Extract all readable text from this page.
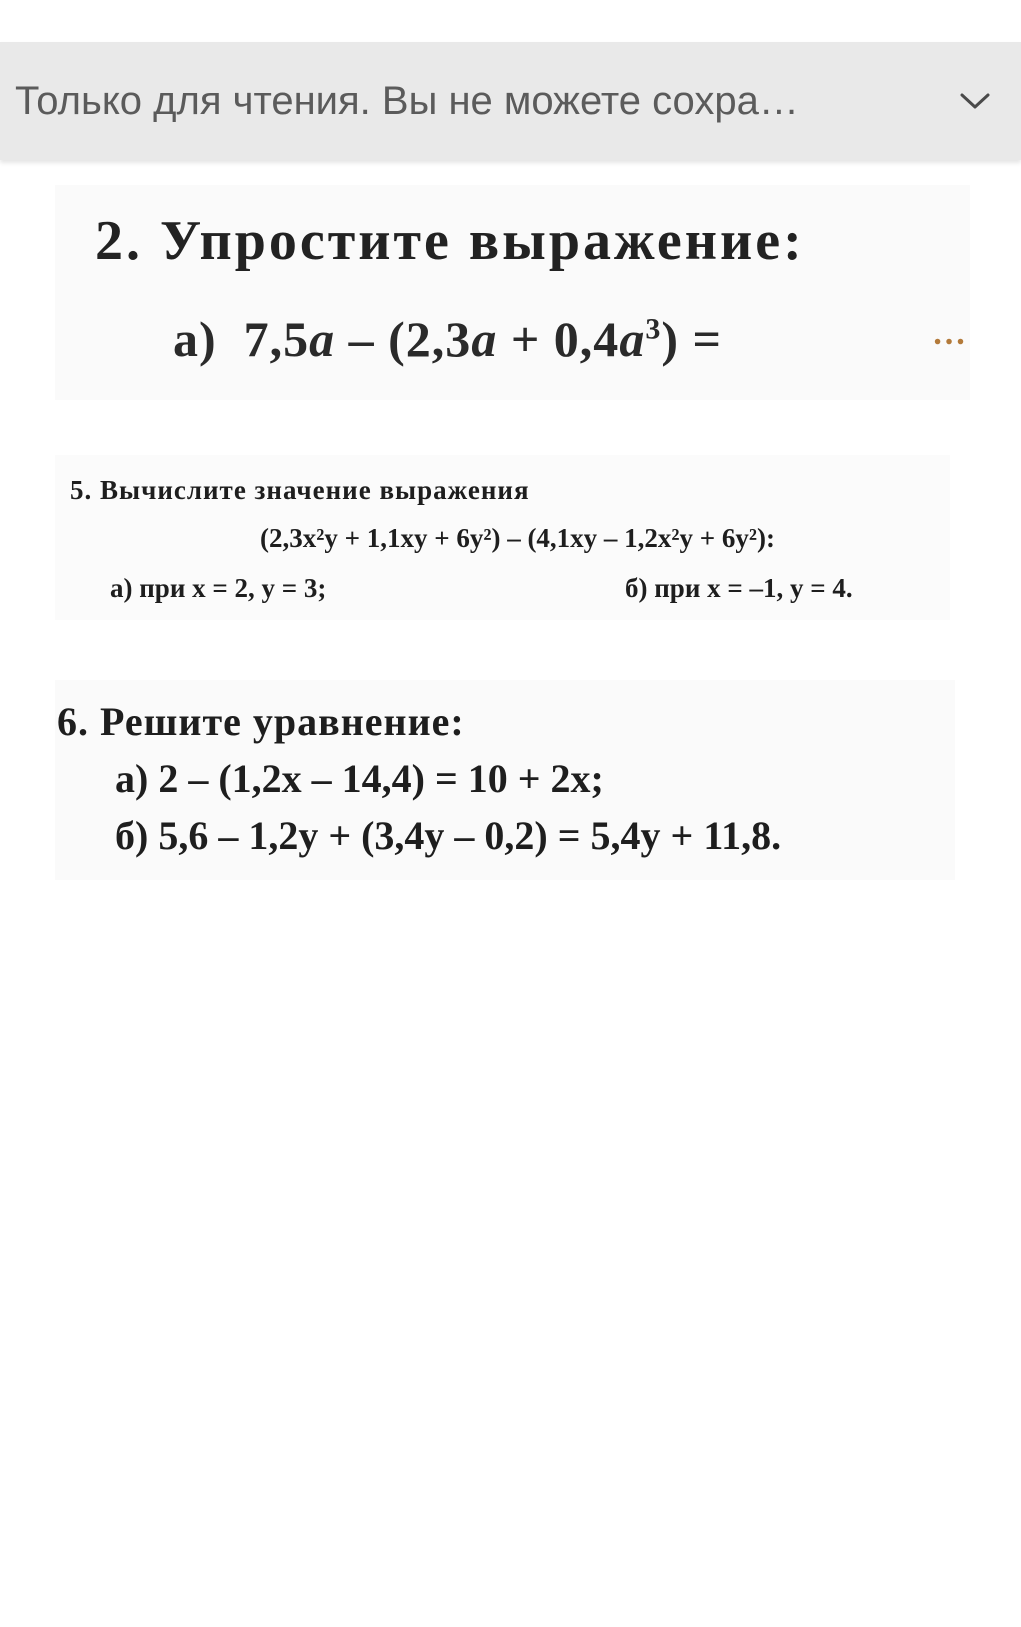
Только для чтения. Вы не можете сохра…
2. Упростите выражение:
а) $7,5a - (2,3a + 0,4a^3)$ =	…
5. Вычислите значение выражения
(2,3x²y + 1,1xy + 6y²) – (4,1xy – 1,2x²y + 6y²):
а) при x = 2, y = 3;	б) при x = –1, y = 4.
6. Решите уравнение:
а) 2 – (1,2x – 14,4) = 10 + 2x;
б) 5,6 – 1,2y + (3,4y – 0,2) = 5,4y + 11,8.
